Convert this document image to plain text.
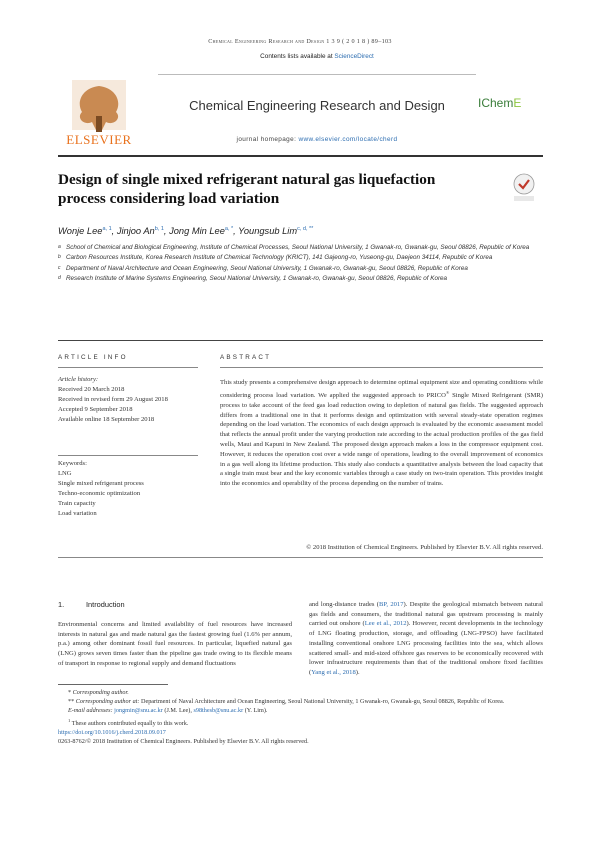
Chemical Engineering Research and Design 1 3 9 ( 2 0 1 8 ) 89–103
Contents lists available at ScienceDirect
ELSEVIER
Chemical Engineering Research and Design	IChemE
journal homepage: www.elsevier.com/locate/cherd
Design of single mixed refrigerant natural gas liquefaction process considering load variation
Wonje Lee$^{a, 1}$, Jinjoo An$^{b, 1}$, Jong Min Lee$^{a, *}$, Youngsub Lim$^{c, d, **}$
a School of Chemical and Biological Engineering, Institute of Chemical Processes, Seoul National University, 1 Gwanak-ro, Gwanak-gu, Seoul 08826, Republic of Korea
b Carbon Resources Institute, Korea Research Institute of Chemical Technology (KRICT), 141 Gajeong-ro, Yuseong-gu, Daejeon 34114, Republic of Korea
c Department of Naval Architecture and Ocean Engineering, Seoul National University, 1 Gwanak-ro, Gwanak-gu, Seoul 08826, Republic of Korea
d Research Institute of Marine Systems Engineering, Seoul National University, 1 Gwanak-ro, Gwanak-gu, Seoul 08826, Republic of Korea
ARTICLE INFO	ABSTRACT
Article history:
Received 20 March 2018
Received in revised form 29 August 2018
Accepted 9 September 2018
Available online 18 September 2018
Keywords:
LNG
Single mixed refrigerant process
Techno-economic optimization
Train capacity
Load variation
This study presents a comprehensive design approach to determine optimal equipment size and operating conditions while considering process load variation. We applied the suggested approach to PRICO® Single Mixed Refrigerant (SMR) process to take account of the feed gas load reduction owing to depletion of natural gas fields. The suggested approach differs from a traditional one in that it performs design and optimization with several steady-state operation regimes depending on the load variation. The economics of each design approach is evaluated by the economic assessment model that reflects the annual profit under the varying production rate according to the actual production profiles of the gas field wells, Maui and Kapuni in New Zealand. The proposed design approach makes a loss in the compressor equipment cost. However, it reduces the operation cost over a wide range of operations, leading to the overall improvement of economics in a gas well along its lifetime production. This study also conducts a quantitative analysis between the load capacity that a single train must bear and the key economic variables through a case study on two-train operation. This provides insight into the economics and operability of the process depending on the number of trains.
© 2018 Institution of Chemical Engineers. Published by Elsevier B.V. All rights reserved.
1.	Introduction
Environmental concerns and limited availability of fuel resources have increased interests in natural gas and made natural gas the fastest growing fuel (1.6% per annum, p.a.) among other dominant fossil fuel resources. In particular, liquefied natural gas (LNG) grows seven times faster than the pipeline gas trade owing to its flexible means of transport in response to regional supply and demand fluctuations
and long-distance trades (BP, 2017). Despite the geological mismatch between natural gas fields and consumers, the traditional natural gas upstream processing is mainly carried out onshore (Lee et al., 2012). However, recent developments in the technology of LNG floating production, storage, and offloading (LNG-FPSO) have facilitated installing conventional onshore LNG processing facilities into the sea, which allows scattered small- and mid-sized offshore gas reserves to be economically recovered with lower infrastructure requirements than that of the traditional onshore fixed facilities (Yang et al., 2018).
* Corresponding author.
** Corresponding author at: Department of Naval Architecture and Ocean Engineering, Seoul National University, 1 Gwanak-ro, Gwanak-gu, Seoul 08826, Republic of Korea.
E-mail addresses: jongmin@snu.ac.kr (J.M. Lee), s98thesb@snu.ac.kr (Y. Lim).
$^1$ These authors contributed equally to this work.
https://doi.org/10.1016/j.cherd.2018.09.017
0263-8762/© 2018 Institution of Chemical Engineers. Published by Elsevier B.V. All rights reserved.
